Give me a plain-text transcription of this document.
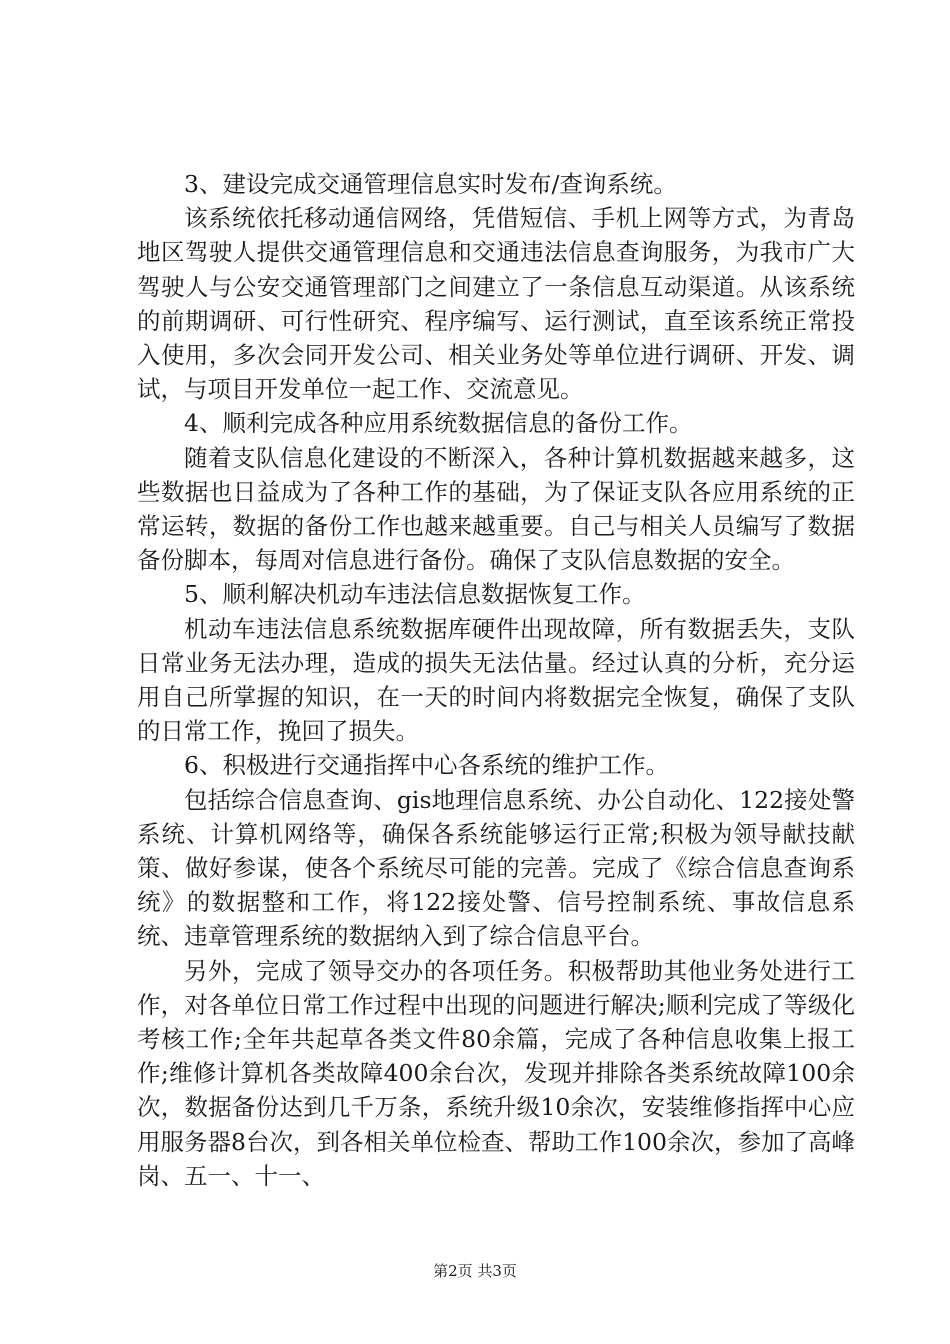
3、建设完成交通管理信息实时发布/查询系统。

该系统依托移动通信网络，凭借短信、手机上网等方式，为青岛地区驾驶人提供交通管理信息和交通违法信息查询服务，为我市广大驾驶人与公安交通管理部门之间建立了一条信息互动渠道。从该系统的前期调研、可行性研究、程序编写、运行测试，直至该系统正常投入使用，多次会同开发公司、相关业务处等单位进行调研、开发、调试，与项目开发单位一起工作、交流意见。

4、顺利完成各种应用系统数据信息的备份工作。

随着支队信息化建设的不断深入，各种计算机数据越来越多，这些数据也日益成为了各种工作的基础，为了保证支队各应用系统的正常运转，数据的备份工作也越来越重要。自己与相关人员编写了数据备份脚本，每周对信息进行备份。确保了支队信息数据的安全。

5、顺利解决机动车违法信息数据恢复工作。

机动车违法信息系统数据库硬件出现故障，所有数据丢失，支队日常业务无法办理，造成的损失无法估量。经过认真的分析，充分运用自己所掌握的知识，在一天的时间内将数据完全恢复，确保了支队的日常工作，挽回了损失。

6、积极进行交通指挥中心各系统的维护工作。

包括综合信息查询、gis地理信息系统、办公自动化、122接处警系统、计算机网络等，确保各系统能够运行正常;积极为领导献技献策、做好参谋，使各个系统尽可能的完善。完成了《综合信息查询系统》的数据整和工作，将122接处警、信号控制系统、事故信息系统、违章管理系统的数据纳入到了综合信息平台。

另外，完成了领导交办的各项任务。积极帮助其他业务处进行工作，对各单位日常工作过程中出现的问题进行解决;顺利完成了等级化考核工作;全年共起草各类文件80余篇，完成了各种信息收集上报工作;维修计算机各类故障400余台次，发现并排除各类系统故障100余次，数据备份达到几千万条，系统升级10余次，安装维修指挥中心应用服务器8台次，到各相关单位检查、帮助工作100余次，参加了高峰岗、五一、十一、

第2页 共3页
